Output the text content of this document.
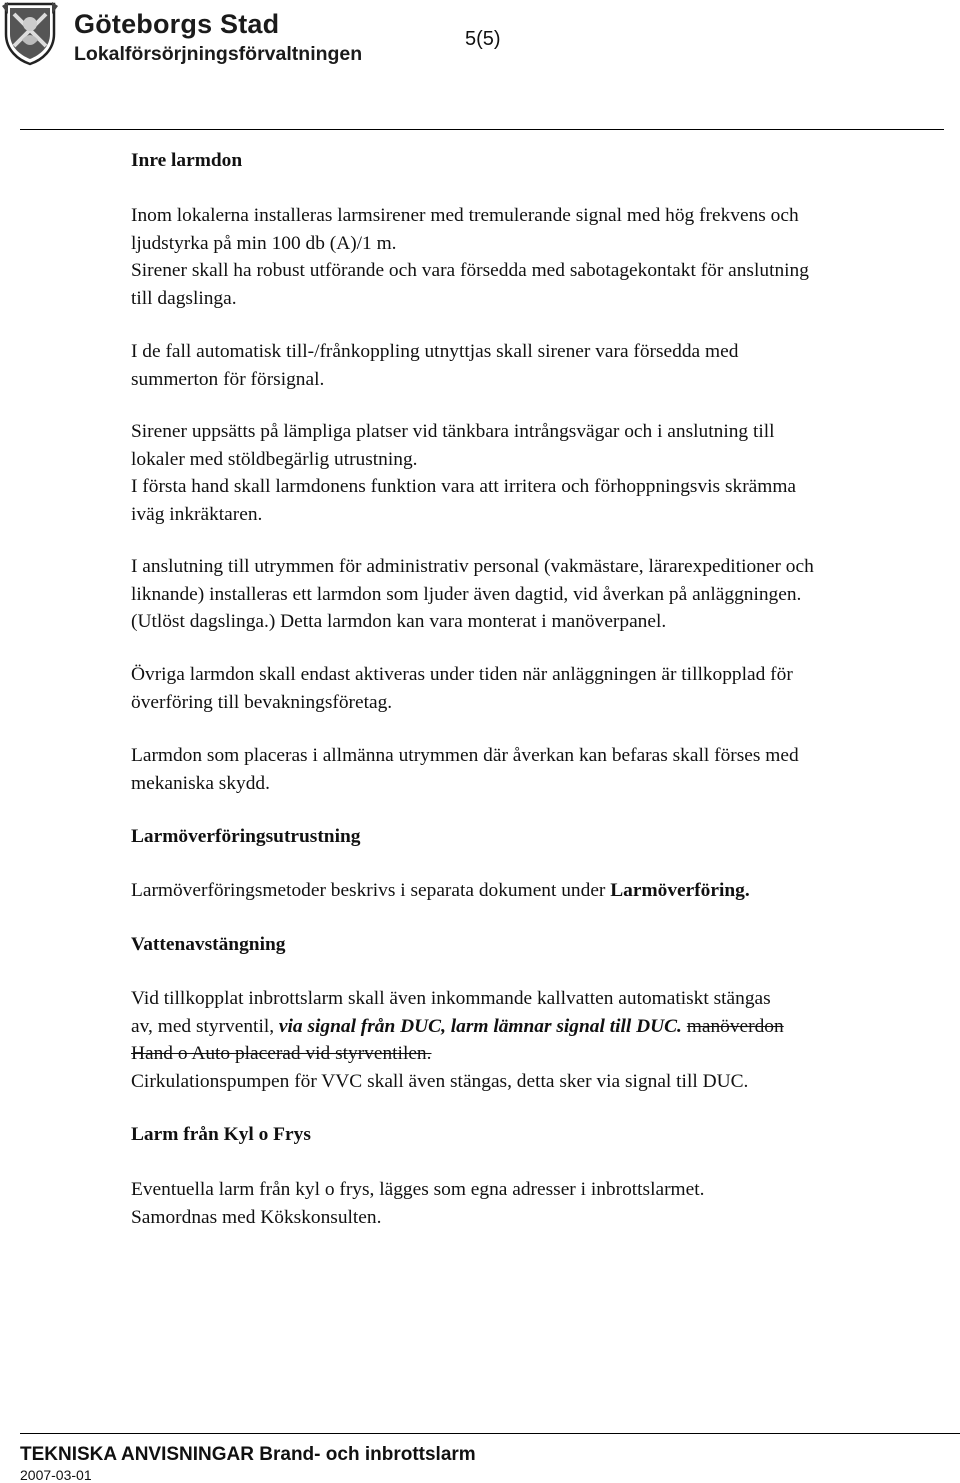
Göteborgs Stad
Lokalförsörjningsförvaltningen
5(5)
Inre larmdon
Inom lokalerna installeras larmsirener med tremulerande signal med hög frekvens och
ljudstyrka på min 100 db (A)/1 m.
Sirener skall ha robust utförande och vara försedda med sabotagekontakt för anslutning
till dagslinga.
I de fall automatisk till-/frånkoppling utnyttjas skall sirener vara försedda med
summerton för försignal.
Sirener uppsätts på lämpliga platser vid tänkbara intrångsvägar och i anslutning till
lokaler med stöldbegärlig utrustning.
I första hand skall larmdonens funktion vara att irritera och förhoppningsvis skrämma
iväg inkräktaren.
I anslutning till utrymmen för administrativ personal (vakmästare, lärarexpeditioner och
liknande) installeras ett larmdon som ljuder även dagtid, vid åverkan på anläggningen.
(Utlöst dagslinga.) Detta larmdon kan vara monterat i manöverpanel.
Övriga larmdon skall endast aktiveras under tiden när anläggningen är tillkopplad för
överföring till bevakningsföretag.
Larmdon som placeras i allmänna utrymmen där åverkan kan befaras skall förses med
mekaniska skydd.
Larmöverföringsutrustning
Larmöverföringsmetoder beskrivs i separata dokument under Larmöverföring.
Vattenavstängning
Vid tillkopplat inbrottslarm skall även inkommande kallvatten automatiskt stängas
av, med styrventil, via signal från DUC, larm lämnar signal till DUC. manöverdon
Hand o Auto placerad vid styrventilen.
Cirkulationspumpen för VVC skall även stängas, detta sker via signal till DUC.
Larm från Kyl o Frys
Eventuella larm från kyl o frys, lägges som egna adresser i inbrottslarmet.
Samordnas med Kökskonsulten.
TEKNISKA ANVISNINGAR Brand- och inbrottslarm
2007-03-01
